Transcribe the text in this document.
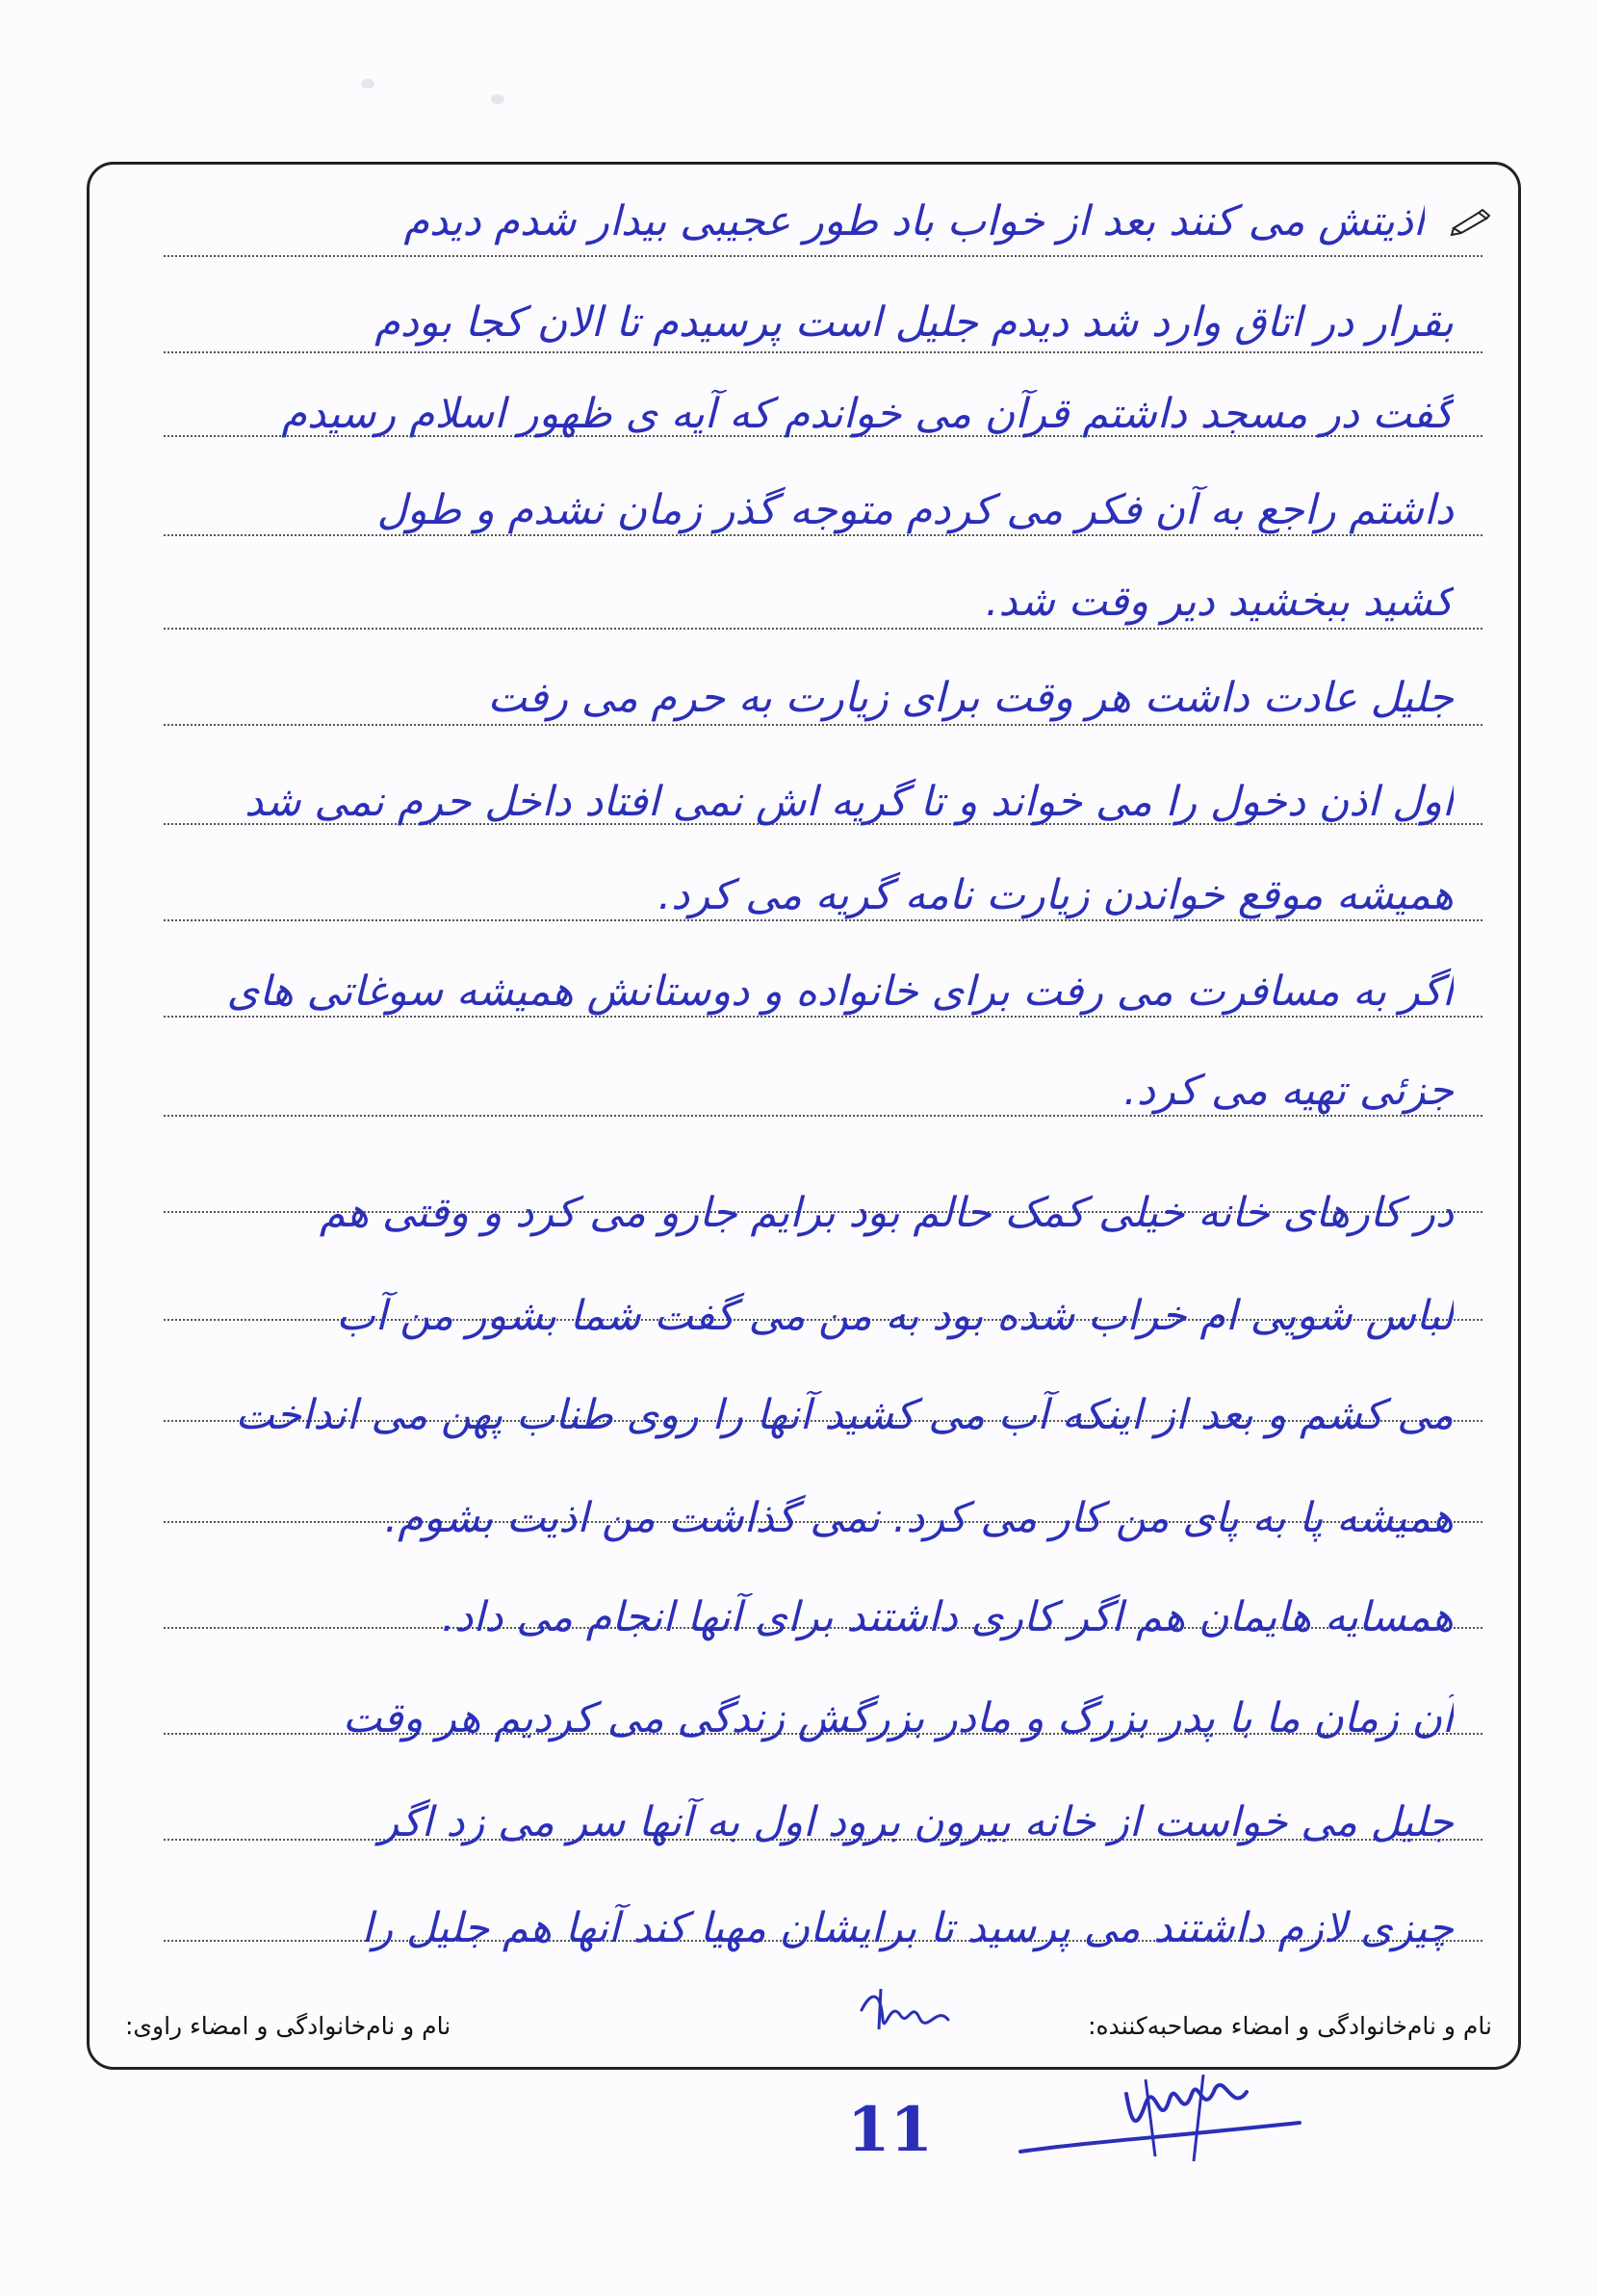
اذیتش می کنند بعد از خواب باد طور عجیبی بیدار شدم دیدم
بقرار در اتاق وارد شد دیدم جلیل است پرسیدم تا الان کجا بودم
گفت در مسجد داشتم قرآن می خواندم که آیه ی ظهور اسلام رسیدم
داشتم راجع به آن فکر می کردم متوجه گذر زمان نشدم و طول
کشید ببخشید دیر وقت شد.
جلیل عادت داشت هر وقت برای زیارت به حرم می رفت
اول اذن دخول را می خواند و تا گریه اش نمی افتاد داخل حرم نمی شد
همیشه موقع خواندن زیارت نامه گریه می کرد.
اگر به مسافرت می رفت برای خانواده و دوستانش همیشه سوغاتی های
جزئی تهیه می کرد.
در کارهای خانه خیلی کمک حالم بود برایم جارو می کرد و وقتی هم
لباس شویی ام خراب شده بود به من می گفت شما بشور من آب
می کشم و بعد از اینکه آب می کشید آنها را روی طناب پهن می انداخت
همیشه پا به پای من کار می کرد. نمی گذاشت من اذیت بشوم.
همسایه هایمان هم اگر کاری داشتند برای آنها انجام می داد.
آن زمان ما با پدر بزرگ و مادر بزرگش زندگی می کردیم هر وقت
جلیل می خواست از خانه بیرون برود اول به آنها سر می زد اگر
چیزی لازم داشتند می پرسید تا برایشان مهیا کند آنها هم جلیل را
نام و نام‌خانوادگی و امضاء مصاحبه‌کننده:
نام و نام‌خانوادگی و امضاء راوی:
11
